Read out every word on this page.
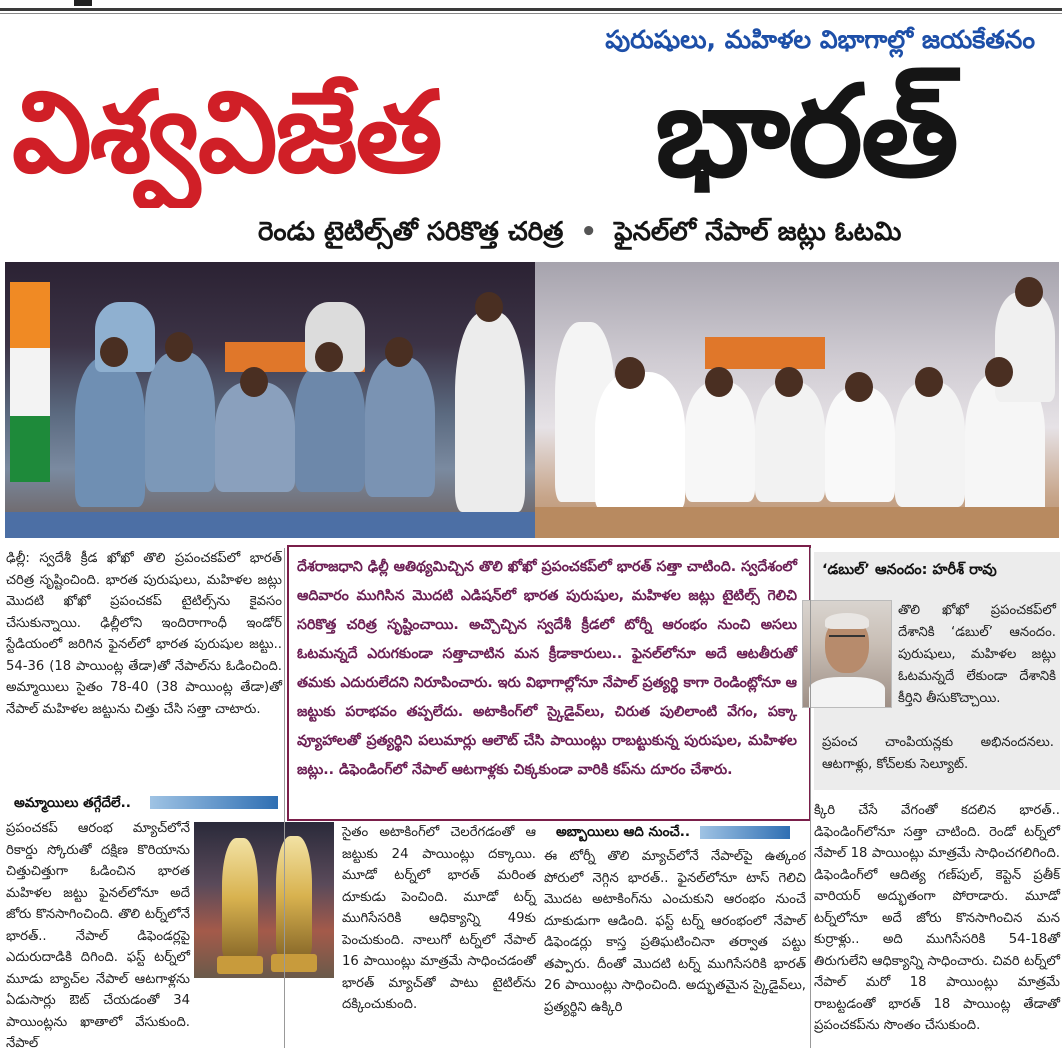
పురుషులు, మహిళల విభాగాల్లో జయకేతనం
విశ్వవిజేత	భారత్
రెండు టైటిల్స్‌తో సరికొత్త చరిత్ర • ఫైనల్‌లో నేపాల్ జట్లు ఓటమి
ఢిల్లీ: స్వదేశీ క్రీడ ఖోఖో తొలి ప్రపంచకప్‌లో భారత్ చరిత్ర సృష్టించింది. భారత పురుషులు, మహిళల జట్లు మొదటి ఖోఖో ప్రపంచకప్ టైటిల్స్‌ను కైవసం చేసుకున్నాయి. ఢిల్లీలోని ఇందిరాగాంధీ ఇండోర్ స్టేడియంలో జరిగిన ఫైనల్‌లో భారత పురుషుల జట్టు.. 54-36 (18 పాయింట్ల తేడా)తో నేపాల్‌ను ఓడించింది. అమ్మాయిలు సైతం 78-40 (38 పాయింట్ల తేడా)తో నేపాల్ మహిళల జట్టును చిత్తు చేసి సత్తా చాటారు.
దేశరాజధాని ఢిల్లీ ఆతిథ్యమిచ్చిన తొలి ఖోఖో ప్రపంచకప్‌లో భారత్ సత్తా చాటింది. స్వదేశంలో ఆదివారం ముగిసిన మొదటి ఎడిషన్‌లో భారత పురుషుల, మహిళల జట్లు టైటిల్స్ గెలిచి సరికొత్త చరిత్ర సృష్టించాయి. అచ్చొచ్చిన స్వదేశీ క్రీడలో టోర్నీ ఆరంభం నుంచి అసలు ఓటమన్నదే ఎరుగకుండా సత్తాచాటిన మన క్రీడాకారులు.. ఫైనల్‌లోనూ అదే ఆటతీరుతో తమకు ఎదురులేదని నిరూపించారు. ఇరు విభాగాల్లోనూ నేపాల్ ప్రత్యర్థి కాగా రెండింట్లోనూ ఆ జట్టుకు పరాభవం తప్పలేదు. అటాకింగ్‌లో స్కైడైవ్‌లు, చిరుత పులిలాంటి వేగం, పక్కా వ్యూహాలతో ప్రత్యర్థిని పలుమార్లు ఆలౌట్ చేసి పాయింట్లు రాబట్టుకున్న పురుషుల, మహిళల జట్లు.. డిఫెండింగ్‌లో నేపాల్ ఆటగాళ్లకు చిక్కకుండా వారికి కప్‌ను దూరం చేశారు.
‘డబుల్’ ఆనందం: హరీశ్ రావు
తొలి ఖోఖో ప్రపంచకప్‌లో దేశానికి ‘డబుల్’ ఆనందం. పురుషులు, మహిళల జట్లు ఓటమన్నదే లేకుండా దేశానికి కీర్తిని తీసుకొచ్చాయి.
ప్రపంచ చాంపియన్లకు అభినందనలు. ఆటగాళ్లు, కోచ్‌లకు సెల్యూట్.
అమ్మాయిలు తగ్గేదేలే..
ప్రపంచకప్ ఆరంభ మ్యాచ్‌లోనే రికార్డు స్కోరుతో దక్షిణ కొరియాను చిత్తుచిత్తుగా ఓడించిన భారత మహిళల జట్టు ఫైనల్‌లోనూ అదే జోరు కొనసాగించింది. తొలి టర్న్‌లోనే భారత్.. నేపాల్ డిఫెండర్లపై ఎదురుదాడికి దిగింది. ఫస్ట్ టర్న్‌లో మూడు బ్యాచ్‌ల నేపాల్ ఆటగాళ్లను ఏడుసార్లు ఔట్ చేయడంతో 34 పాయింట్లను ఖాతాలో వేసుకుంది. నేపాల్
సైతం అటాకింగ్‌లో చెలరేగడంతో ఆ జట్టుకు 24 పాయింట్లు దక్కాయి. మూడో టర్న్‌లో భారత్ మరింత దూకుడు పెంచింది. మూడో టర్న్ ముగిసేసరికి ఆధిక్యాన్ని 49కు పెంచుకుంది. నాలుగో టర్న్‌లో నేపాల్ 16 పాయింట్లు మాత్రమే సాధించడంతో భారత్ మ్యాచ్‌తో పాటు టైటిల్‌ను దక్కించుకుంది.
అబ్బాయిలు ఆది నుంచే..
ఈ టోర్నీ తొలి మ్యాచ్‌లోనే నేపాల్‌పై ఉత్కంఠ పోరులో నెగ్గిన భారత్.. ఫైనల్‌లోనూ టాస్ గెలిచి మొదట అటాకింగ్‌ను ఎంచుకుని ఆరంభం నుంచే దూకుడుగా ఆడింది. ఫస్ట్ టర్న్ ఆరంభంలో నేపాల్ డిఫెండర్లు కాస్త ప్రతిఘటించినా తర్వాత పట్టు తప్పారు. దీంతో మొదటి టర్న్ ముగిసేసరికి భారత్ 26 పాయింట్లు సాధించింది. అద్భుతమైన స్కైడైవ్‌లు, ప్రత్యర్థిని ఉక్కిరి
క్కిరి చేసే వేగంతో కదలిన భారత్.. డిఫెండింగ్‌లోనూ సత్తా చాటింది. రెండో టర్న్‌లో నేపాల్ 18 పాయింట్లు మాత్రమే సాధించగలిగింది. డిఫెండింగ్‌లో ఆదిత్య గణ్‌పుల్, కెప్టెన్ ప్రతీక్ వారియర్ అద్భుతంగా పోరాడారు. మూడో టర్న్‌లోనూ అదే జోరు కొనసాగించిన మన కుర్రాళ్లు.. అది ముగిసేసరికి 54-18తో తిరుగులేని ఆధిక్యాన్ని సాధించారు. చివరి టర్న్‌లో నేపాల్ మరో 18 పాయింట్లు మాత్రమే రాబట్టడంతో భారత్ 18 పాయింట్ల తేడాతో ప్రపంచకప్‌ను సొంతం చేసుకుంది.
